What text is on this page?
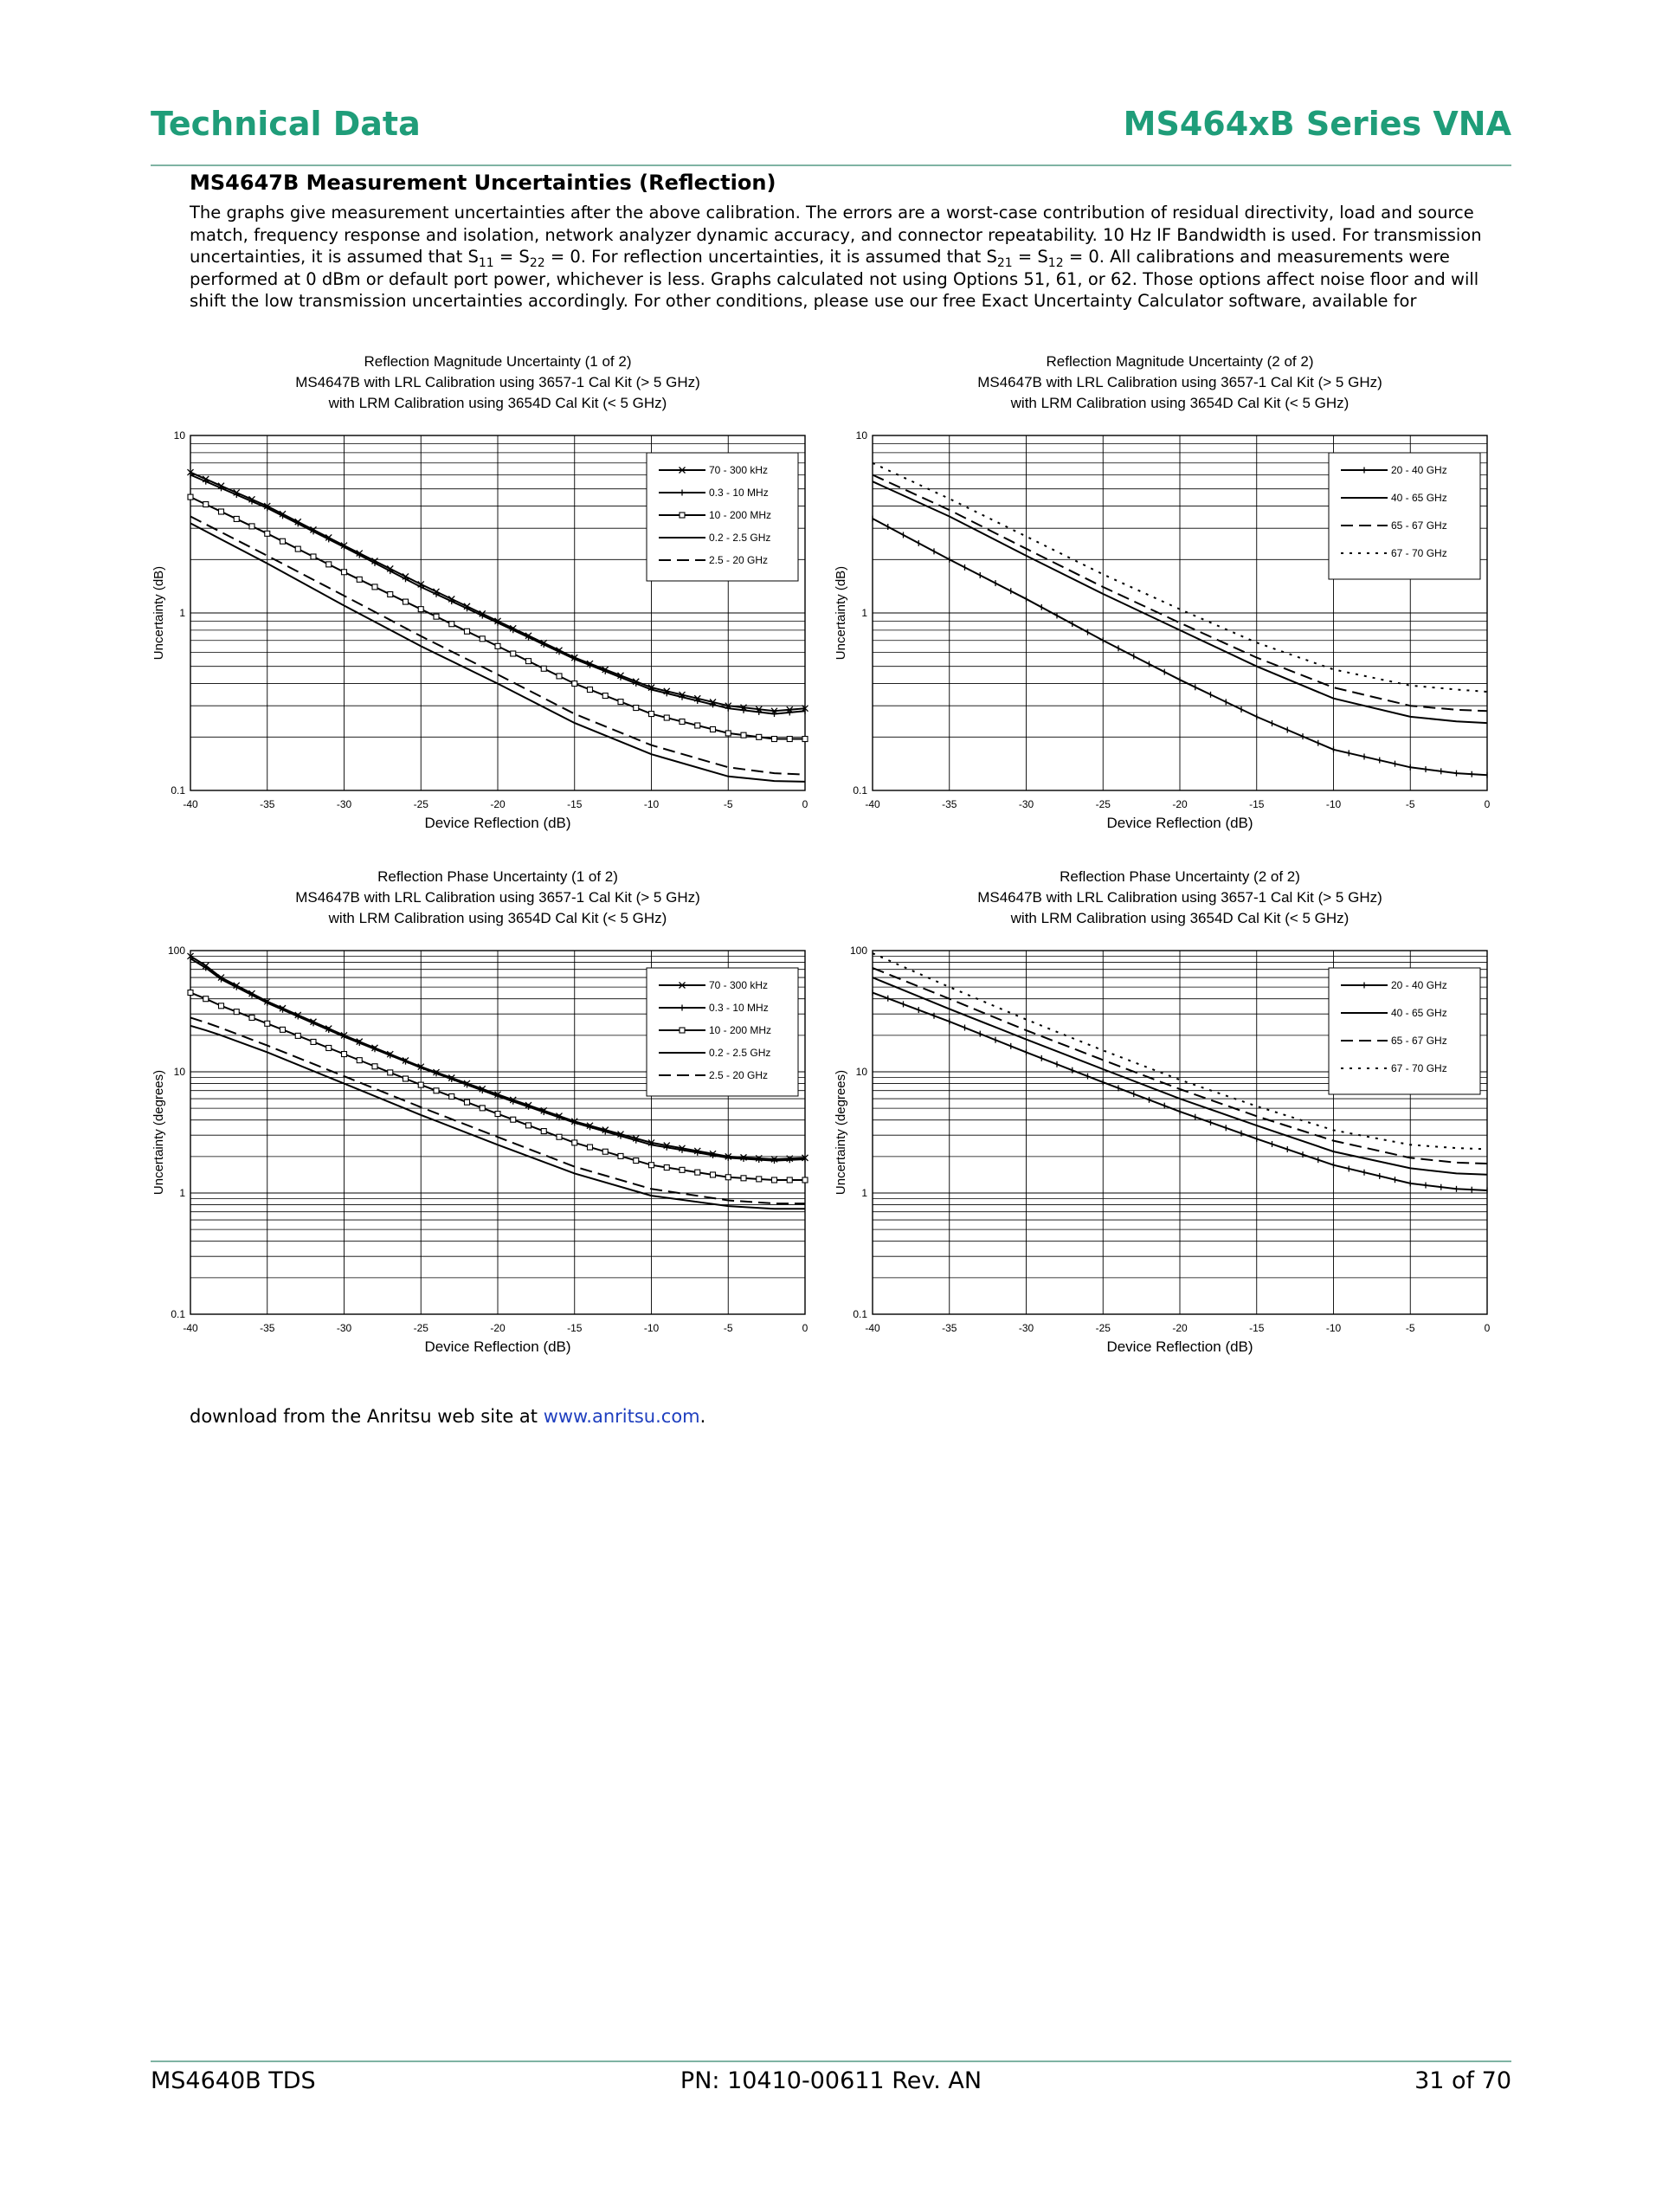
Technical Data	MS464xB Series VNA
MS4647B Measurement Uncertainties (Reflection)
The graphs give measurement uncertainties after the above calibration. The errors are a worst-case contribution of residual directivity, load and source match, frequency response and isolation, network analyzer dynamic accuracy, and connector repeatability. 10 Hz IF Bandwidth is used. For transmission uncertainties, it is assumed that $S_{11} = S_{22} = 0$. For reflection uncertainties, it is assumed that $S_{21} = S_{12} = 0$. All calibrations and measurements were performed at 0 dBm or default port power, whichever is less. Graphs calculated not using Options 51, 61, or 62. Those options affect noise floor and will shift the low transmission uncertainties accordingly. For other conditions, please use our free Exact Uncertainty Calculator software, available for
Reflection Magnitude Uncertainty (1 of 2)
MS4647B with LRL Calibration using 3657-1 Cal Kit (> 5 GHz)
with LRM Calibration using 3654D Cal Kit (< 5 GHz)
-40	-35	-30	-25	-20	-15	-10	-5	0
0.1
1
10
Device Reflection (dB)
Uncertainty (dB)
70 - 300 kHz
0.3 - 10 MHz
10 - 200 MHz
0.2 - 2.5 GHz
2.5 - 20 GHz
Reflection Magnitude Uncertainty (2 of 2)
MS4647B with LRL Calibration using 3657-1 Cal Kit (> 5 GHz)
with LRM Calibration using 3654D Cal Kit (< 5 GHz)
-40	-35	-30	-25	-20	-15	-10	-5	0
0.1
1
10
Device Reflection (dB)
Uncertainty (dB)
20 - 40 GHz
40 - 65 GHz
65 - 67 GHz
67 - 70 GHz
Reflection Phase Uncertainty (1 of 2)
MS4647B with LRL Calibration using 3657-1 Cal Kit (> 5 GHz)
with LRM Calibration using 3654D Cal Kit (< 5 GHz)
-40	-35	-30	-25	-20	-15	-10	-5	0
0.1
1
10
100
Device Reflection (dB)
Uncertainty (degrees)
70 - 300 kHz
0.3 - 10 MHz
10 - 200 MHz
0.2 - 2.5 GHz
2.5 - 20 GHz
Reflection Phase Uncertainty (2 of 2)
MS4647B with LRL Calibration using 3657-1 Cal Kit (> 5 GHz)
with LRM Calibration using 3654D Cal Kit (< 5 GHz)
-40	-35	-30	-25	-20	-15	-10	-5	0
0.1
1
10
100
Device Reflection (dB)
Uncertainty (degrees)
20 - 40 GHz
40 - 65 GHz
65 - 67 GHz
67 - 70 GHz
download from the Anritsu web site at www.anritsu.com.
MS4640B TDS	PN: 10410-00611 Rev. AN	31 of 70
